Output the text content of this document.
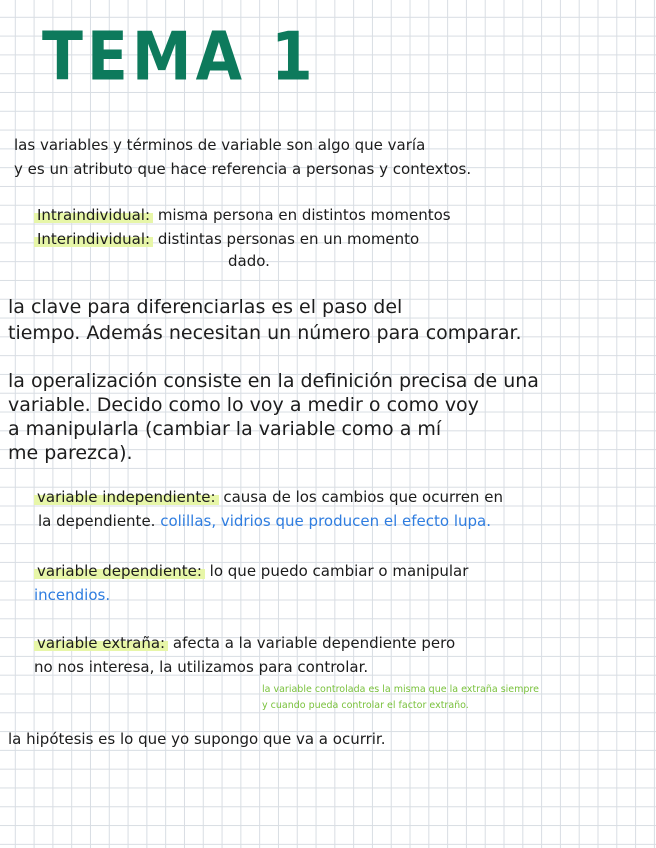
TEMA 1
las variables y términos de variable son algo que varía
y es un atributo que hace referencia a personas y contextos.
Intraindividual: misma persona en distintos momentos
Interindividual: distintas personas en un momento
dado.
la clave para diferenciarlas es el paso del
tiempo. Además necesitan un número para comparar.
la operalización consiste en la definición precisa de una
variable. Decido como lo voy a medir o como voy
a manipularla (cambiar la variable como a mí
me parezca).
variable independiente: causa de los cambios que ocurren en
la dependiente. colillas, vidrios que producen el efecto lupa.
variable dependiente: lo que puedo cambiar o manipular
incendios.
variable extraña: afecta a la variable dependiente pero
no nos interesa, la utilizamos para controlar.
la variable controlada es la misma que la extraña siempre
y cuando pueda controlar el factor extraño.
la hipótesis es lo que yo supongo que va a ocurrir.
